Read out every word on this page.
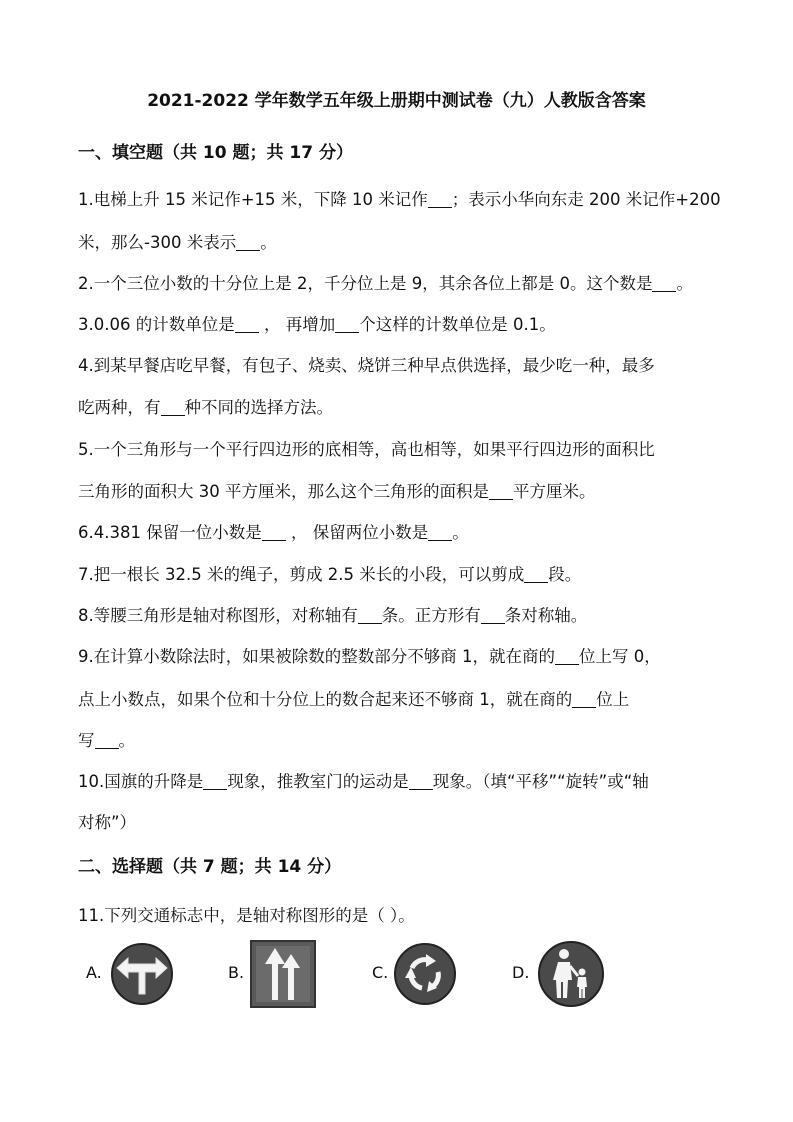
2021-2022 学年数学五年级上册期中测试卷（九）人教版含答案
一、填空题（共 10 题；共 17 分）
1.电梯上升 15 米记作+15 米，下降 10 米记作 ；表示小华向东走 200 米记作+200
米，那么-300 米表示 。
2.一个三位小数的十分位上是 2，千分位上是 9，其余各位上都是 0。这个数是 。
3.0.06 的计数单位是 ， 再增加 个这样的计数单位是 0.1。
4.到某早餐店吃早餐，有包子、烧卖、烧饼三种早点供选择，最少吃一种，最多
吃两种，有 种不同的选择方法。
5.一个三角形与一个平行四边形的底相等，高也相等，如果平行四边形的面积比
三角形的面积大 30 平方厘米，那么这个三角形的面积是 平方厘米。
6.4.381 保留一位小数是 ， 保留两位小数是 。
7.把一根长 32.5 米的绳子，剪成 2.5 米长的小段，可以剪成 段。
8.等腰三角形是轴对称图形，对称轴有 条。正方形有 条对称轴。
9.在计算小数除法时，如果被除数的整数部分不够商 1，就在商的 位上写 0，
点上小数点，如果个位和十分位上的数合起来还不够商 1，就在商的 位上
写 。
10.国旗的升降是 现象，推教室门的运动是 现象。（填“平移”“旋转”或“轴
对称”）
二、选择题（共 7 题；共 14 分）
11.下列交通标志中，是轴对称图形的是（ ）。
A.	B.	C.	D.
